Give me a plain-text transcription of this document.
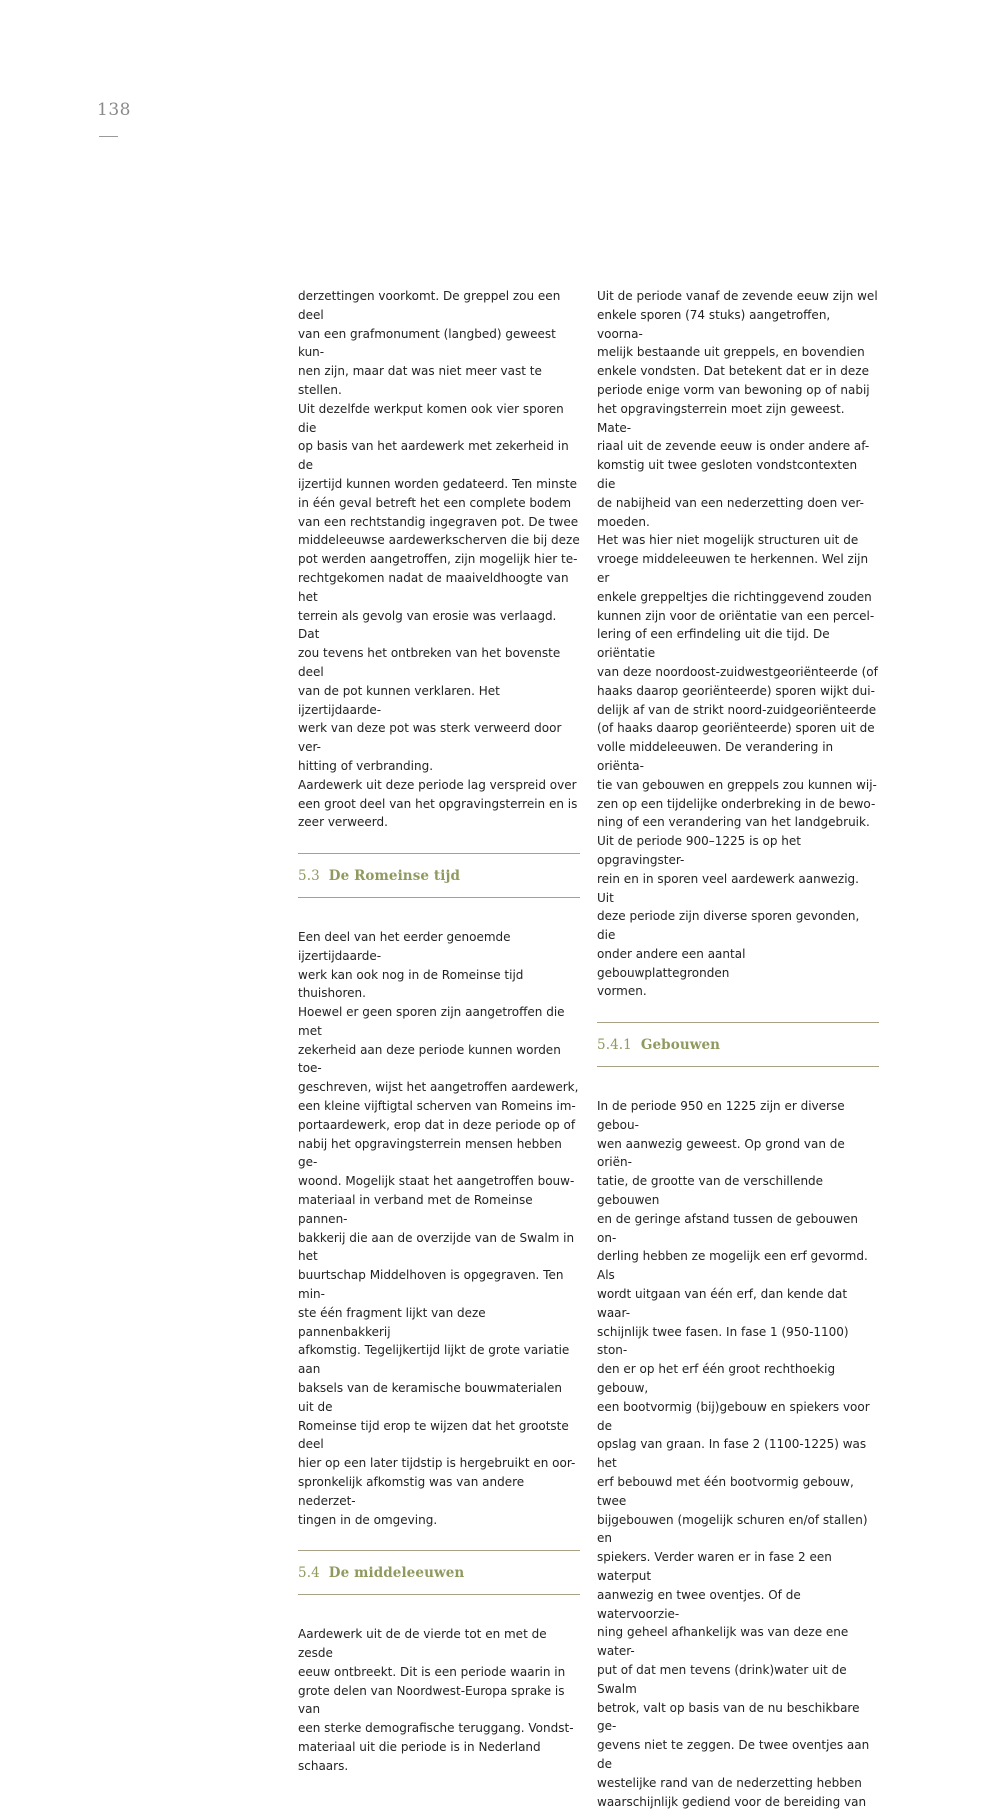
138

derzettingen voorkomt. De greppel zou een deel
van een grafmonument (langbed) geweest kun-
nen zijn, maar dat was niet meer vast te stellen.
Uit dezelfde werkput komen ook vier sporen die
op basis van het aardewerk met zekerheid in de
ijzertijd kunnen worden gedateerd. Ten minste
in één geval betreft het een complete bodem
van een rechtstandig ingegraven pot. De twee
middeleeuwse aardewerkscherven die bij deze
pot werden aangetroffen, zijn mogelijk hier te-
rechtgekomen nadat de maaiveldhoogte van het
terrein als gevolg van erosie was verlaagd. Dat
zou tevens het ontbreken van het bovenste deel
van de pot kunnen verklaren. Het ijzertijdaarde-
werk van deze pot was sterk verweerd door ver-
hitting of verbranding.

Aardewerk uit deze periode lag verspreid over
een groot deel van het opgravingsterrein en is
zeer verweerd.

5.3 De Romeinse tijd

Een deel van het eerder genoemde ijzertijdaarde-
werk kan ook nog in de Romeinse tijd thuishoren.
Hoewel er geen sporen zijn aangetroffen die met
zekerheid aan deze periode kunnen worden toe-
geschreven, wijst het aangetroffen aardewerk,
een kleine vijftigtal scherven van Romeins im-
portaardewerk, erop dat in deze periode op of
nabij het opgravingsterrein mensen hebben ge-
woond. Mogelijk staat het aangetroffen bouw-
materiaal in verband met de Romeinse pannen-
bakkerij die aan de overzijde van de Swalm in het
buurtschap Middelhoven is opgegraven. Ten min-
ste één fragment lijkt van deze pannenbakkerij
afkomstig. Tegelijkertijd lijkt de grote variatie aan
baksels van de keramische bouwmaterialen uit de
Romeinse tijd erop te wijzen dat het grootste deel
hier op een later tijdstip is hergebruikt en oor-
spronkelijk afkomstig was van andere nederzet-
tingen in de omgeving.

5.4 De middeleeuwen

Aardewerk uit de de vierde tot en met de zesde
eeuw ontbreekt. Dit is een periode waarin in
grote delen van Noordwest-Europa sprake is van
een sterke demografische teruggang. Vondst-
materiaal uit die periode is in Nederland schaars.

Uit de periode vanaf de zevende eeuw zijn wel
enkele sporen (74 stuks) aangetroffen, voorna-
melijk bestaande uit greppels, en bovendien
enkele vondsten. Dat betekent dat er in deze
periode enige vorm van bewoning op of nabij
het opgravingsterrein moet zijn geweest. Mate-
riaal uit de zevende eeuw is onder andere af-
komstig uit twee gesloten vondstcontexten die
de nabijheid van een nederzetting doen ver-
moeden.

Het was hier niet mogelijk structuren uit de
vroege middeleeuwen te herkennen. Wel zijn er
enkele greppeltjes die richtinggevend zouden
kunnen zijn voor de oriëntatie van een percel-
lering of een erfindeling uit die tijd. De oriëntatie
van deze noordoost-zuidwestgeoriënteerde (of
haaks daarop georiënteerde) sporen wijkt dui-
delijk af van de strikt noord-zuidgeoriënteerde
(of haaks daarop georiënteerde) sporen uit de
volle middeleeuwen. De verandering in oriënta-
tie van gebouwen en greppels zou kunnen wij-
zen op een tijdelijke onderbreking in de bewo-
ning of een verandering van het landgebruik.

Uit de periode 900–1225 is op het opgravingster-
rein en in sporen veel aardewerk aanwezig. Uit
deze periode zijn diverse sporen gevonden, die
onder andere een aantal gebouwplattegronden
vormen.

5.4.1 Gebouwen

In de periode 950 en 1225 zijn er diverse gebou-
wen aanwezig geweest. Op grond van de oriën-
tatie, de grootte van de verschillende gebouwen
en de geringe afstand tussen de gebouwen on-
derling hebben ze mogelijk een erf gevormd. Als
wordt uitgaan van één erf, dan kende dat waar-
schijnlijk twee fasen. In fase 1 (950-1100) ston-
den er op het erf één groot rechthoekig gebouw,
een bootvormig (bij)gebouw en spiekers voor de
opslag van graan. In fase 2 (1100-1225) was het
erf bebouwd met één bootvormig gebouw, twee
bijgebouwen (mogelijk schuren en/of stallen) en
spiekers. Verder waren er in fase 2 een waterput
aanwezig en twee oventjes. Of de watervoorzie-
ning geheel afhankelijk was van deze ene water-
put of dat men tevens (drink)water uit de Swalm
betrok, valt op basis van de nu beschikbare ge-
gevens niet te zeggen. De twee oventjes aan de
westelijke rand van de nederzetting hebben
waarschijnlijk gediend voor de bereiding van
